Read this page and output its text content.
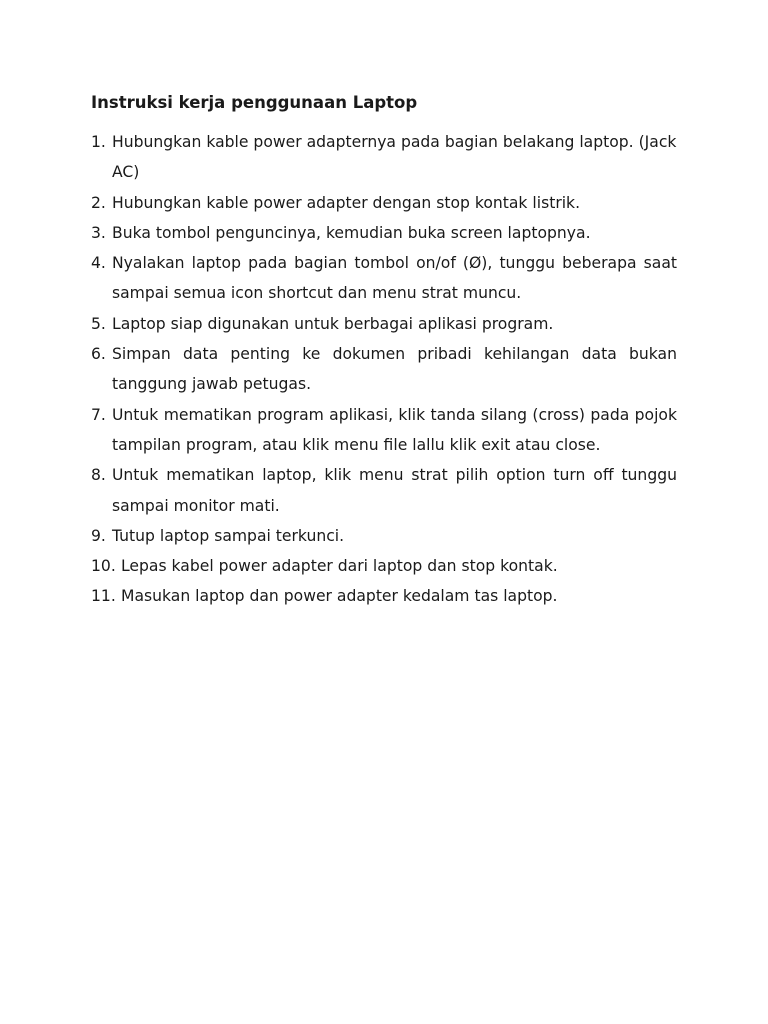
Instruksi kerja penggunaan Laptop
1. Hubungkan kable power adapternya pada bagian belakang laptop. (Jack AC)
2. Hubungkan kable power adapter dengan stop kontak listrik.
3. Buka tombol penguncinya, kemudian buka screen laptopnya.
4. Nyalakan laptop pada bagian tombol on/of (Ø), tunggu beberapa saat sampai semua icon shortcut dan menu strat muncu.
5. Laptop siap digunakan untuk berbagai aplikasi program.
6. Simpan data penting ke dokumen pribadi kehilangan data bukan tanggung jawab petugas.
7. Untuk mematikan program aplikasi, klik tanda silang (cross) pada pojok tampilan program, atau klik menu file lallu klik exit atau close.
8. Untuk mematikan laptop, klik menu strat pilih option turn off tunggu sampai monitor mati.
9. Tutup laptop sampai terkunci.
10. Lepas kabel power adapter dari laptop dan stop kontak.
11. Masukan laptop dan power adapter kedalam tas laptop.
